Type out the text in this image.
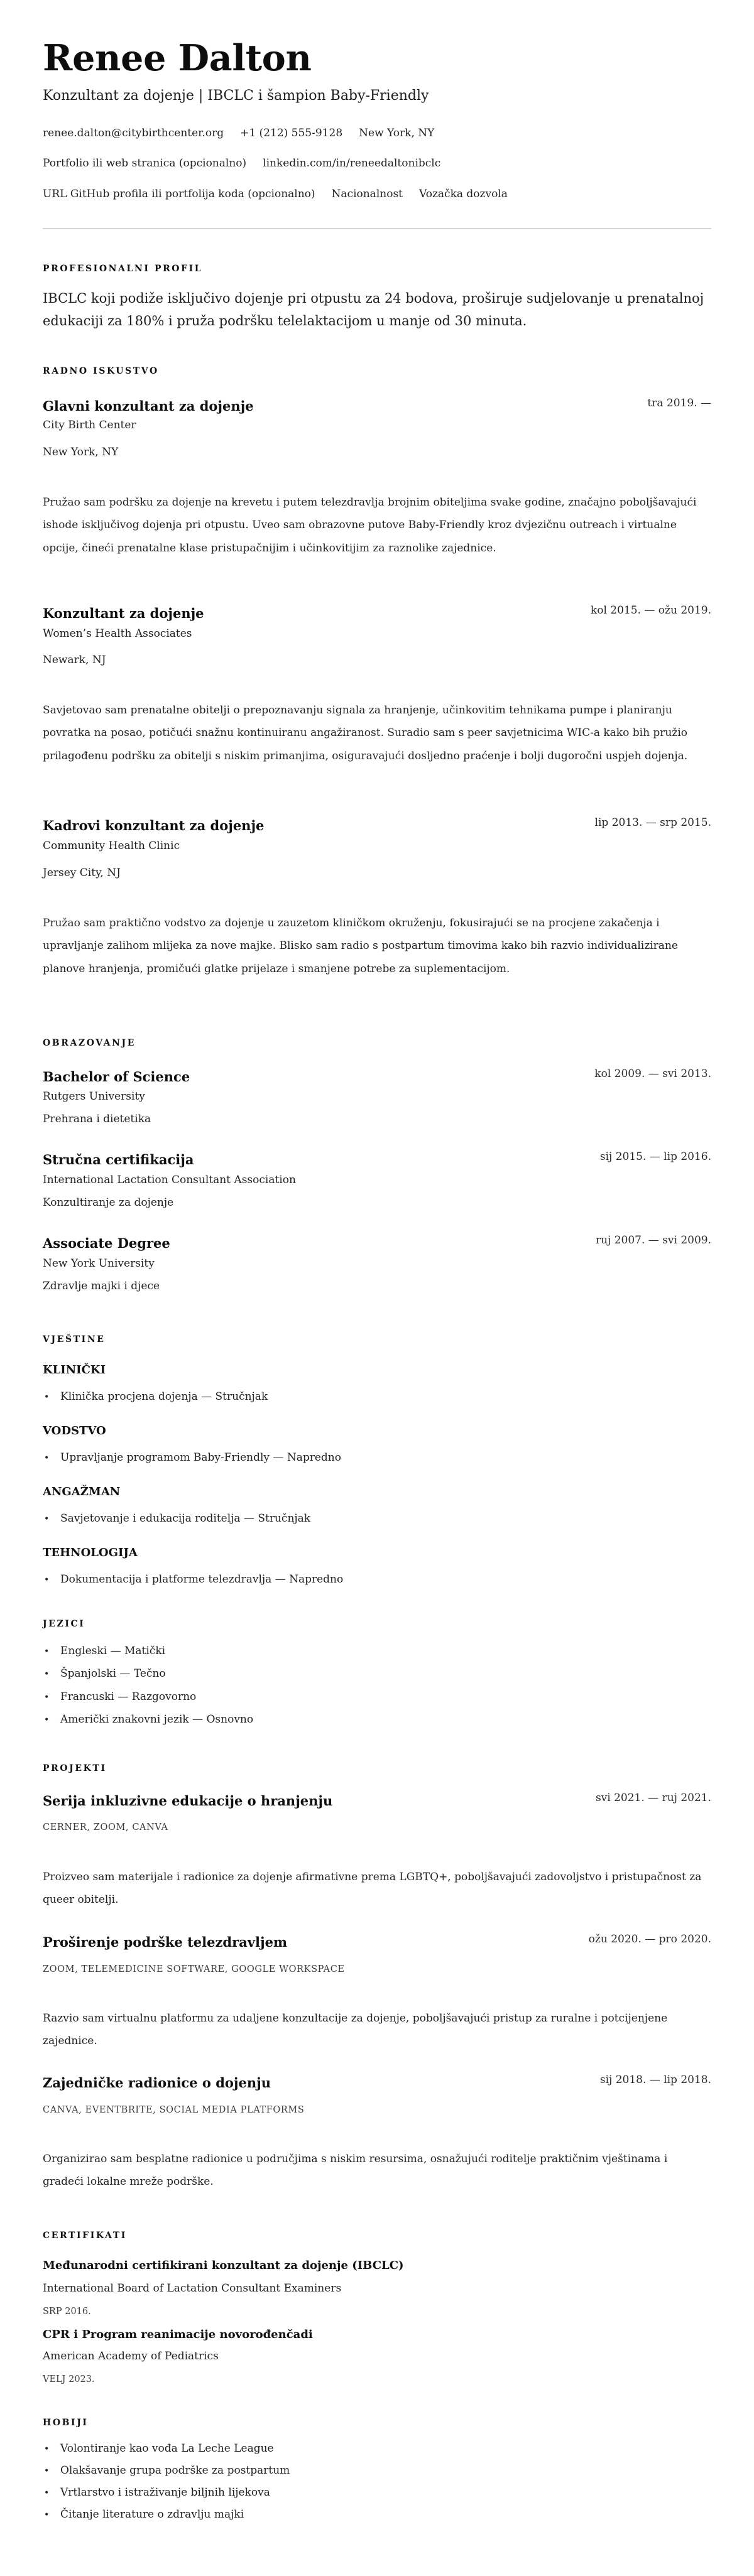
Renee Dalton
Konzultant za dojenje | IBCLC i šampion Baby-Friendly
renee.dalton@citybirthcenter.org +1 (212) 555-9128 New York, NY
Portfolio ili web stranica (opcionalno) linkedin.com/in/reneedaltonibclc
URL GitHub profila ili portfolija koda (opcionalno) Nacionalnost Vozačka dozvola
PROFESIONALNI PROFIL
IBCLC koji podiže isključivo dojenje pri otpustu za 24 bodova, proširuje sudjelovanje u prenatalnoj edukaciji za 180% i pruža podršku telelaktacijom u manje od 30 minuta.
RADNO ISKUSTVO
Glavni konzultant za dojenje	tra 2019. —
City Birth Center
New York, NY
Pružao sam podršku za dojenje na krevetu i putem telezdravlja brojnim obiteljima svake godine, značajno poboljšavajući ishode isključivog dojenja pri otpustu. Uveo sam obrazovne putove Baby-Friendly kroz dvjezičnu outreach i virtualne opcije, čineći prenatalne klase pristupačnijim i učinkovitijim za raznolike zajednice.
Konzultant za dojenje	kol 2015. — ožu 2019.
Women’s Health Associates
Newark, NJ
Savjetovao sam prenatalne obitelji o prepoznavanju signala za hranjenje, učinkovitim tehnikama pumpe i planiranju povratka na posao, potičući snažnu kontinuiranu angažiranost. Suradio sam s peer savjetnicima WIC-a kako bih pružio prilagođenu podršku za obitelji s niskim primanjima, osiguravajući dosljedno praćenje i bolji dugoročni uspjeh dojenja.
Kadrovi konzultant za dojenje	lip 2013. — srp 2015.
Community Health Clinic
Jersey City, NJ
Pružao sam praktično vodstvo za dojenje u zauzetom kliničkom okruženju, fokusirajući se na procjene zakačenja i upravljanje zalihom mlijeka za nove majke. Blisko sam radio s postpartum timovima kako bih razvio individualizirane planove hranjenja, promičući glatke prijelaze i smanjene potrebe za suplementacijom.
OBRAZOVANJE
Bachelor of Science	kol 2009. — svi 2013.
Rutgers University
Prehrana i dietetika
Stručna certifikacija	sij 2015. — lip 2016.
International Lactation Consultant Association
Konzultiranje za dojenje
Associate Degree	ruj 2007. — svi 2009.
New York University
Zdravlje majki i djece
VJEŠTINE
KLINIČKI
•	Klinička procjena dojenja — Stručnjak
VODSTVO
•	Upravljanje programom Baby-Friendly — Napredno
ANGAŽMAN
•	Savjetovanje i edukacija roditelja — Stručnjak
TEHNOLOGIJA
•	Dokumentacija i platforme telezdravlja — Napredno
JEZICI
•	Engleski — Matički
•	Španjolski — Tečno
•	Francuski — Razgovorno
•	Američki znakovni jezik — Osnovno
PROJEKTI
Serija inkluzivne edukacije o hranjenju	svi 2021. — ruj 2021.
CERNER, ZOOM, CANVA
Proizveo sam materijale i radionice za dojenje afirmativne prema LGBTQ+, poboljšavajući zadovoljstvo i pristupačnost za queer obitelji.
Proširenje podrške telezdravljem	ožu 2020. — pro 2020.
ZOOM, TELEMEDICINE SOFTWARE, GOOGLE WORKSPACE
Razvio sam virtualnu platformu za udaljene konzultacije za dojenje, poboljšavajući pristup za ruralne i potcijenjene zajednice.
Zajedničke radionice o dojenju	sij 2018. — lip 2018.
CANVA, EVENTBRITE, SOCIAL MEDIA PLATFORMS
Organizirao sam besplatne radionice u područjima s niskim resursima, osnažujući roditelje praktičnim vještinama i gradeći lokalne mreže podrške.
CERTIFIKATI
Međunarodni certifikirani konzultant za dojenje (IBCLC)
International Board of Lactation Consultant Examiners
SRP 2016.
CPR i Program reanimacije novorođenčadi
American Academy of Pediatrics
VELJ 2023.
HOBIJI
•	Volontiranje kao vođa La Leche League
•	Olakšavanje grupa podrške za postpartum
•	Vrtlarstvo i istraživanje biljnih lijekova
•	Čitanje literature o zdravlju majki
